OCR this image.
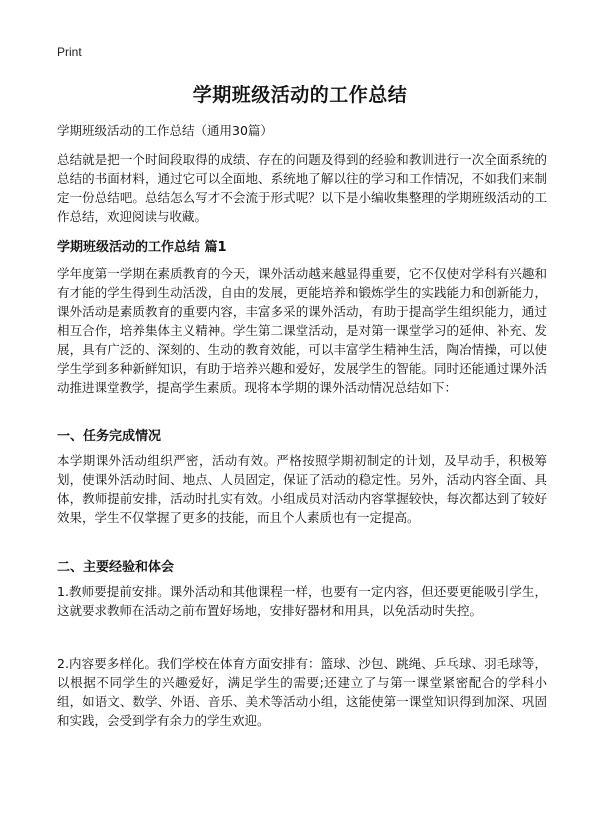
Print
学期班级活动的工作总结

学期班级活动的工作总结（通用30篇）

总结就是把一个时间段取得的成绩、存在的问题及得到的经验和教训进行一次全面系统的总结的书面材料，通过它可以全面地、系统地了解以往的学习和工作情况，不如我们来制定一份总结吧。总结怎么写才不会流于形式呢？以下是小编收集整理的学期班级活动的工作总结，欢迎阅读与收藏。

学期班级活动的工作总结 篇1

学年度第一学期在素质教育的今天，课外活动越来越显得重要，它不仅使对学科有兴趣和有才能的学生得到生动活泼，自由的发展，更能培养和锻炼学生的实践能力和创新能力，课外活动是素质教育的重要内容，丰富多采的课外活动，有助于提高学生组织能力，通过相互合作，培养集体主义精神。学生第二课堂活动，是对第一课堂学习的延伸、补充、发展，具有广泛的、深刻的、生动的教育效能，可以丰富学生精神生活，陶冶情操，可以使学生学到多种新鲜知识，有助于培养兴趣和爱好，发展学生的智能。同时还能通过课外活动推进课堂教学，提高学生素质。现将本学期的课外活动情况总结如下：

一、任务完成情况

本学期课外活动组织严密，活动有效。严格按照学期初制定的计划，及早动手，积极筹划，使课外活动时间、地点、人员固定，保证了活动的稳定性。另外，活动内容全面、具体，教师提前安排，活动时扎实有效。小组成员对活动内容掌握较快，每次都达到了较好效果，学生不仅掌握了更多的技能，而且个人素质也有一定提高。

二、主要经验和体会

1.教师要提前安排。课外活动和其他课程一样，也要有一定内容，但还要更能吸引学生，这就要求教师在活动之前布置好场地，安排好器材和用具，以免活动时失控。

2.内容要多样化。我们学校在体育方面安排有：篮球、沙包、跳绳、乒乓球、羽毛球等，以根据不同学生的兴趣爱好，满足学生的需要;还建立了与第一课堂紧密配合的学科小组，如语文、数学、外语、音乐、美术等活动小组，这能使第一课堂知识得到加深、巩固和实践，会受到学有余力的学生欢迎。
